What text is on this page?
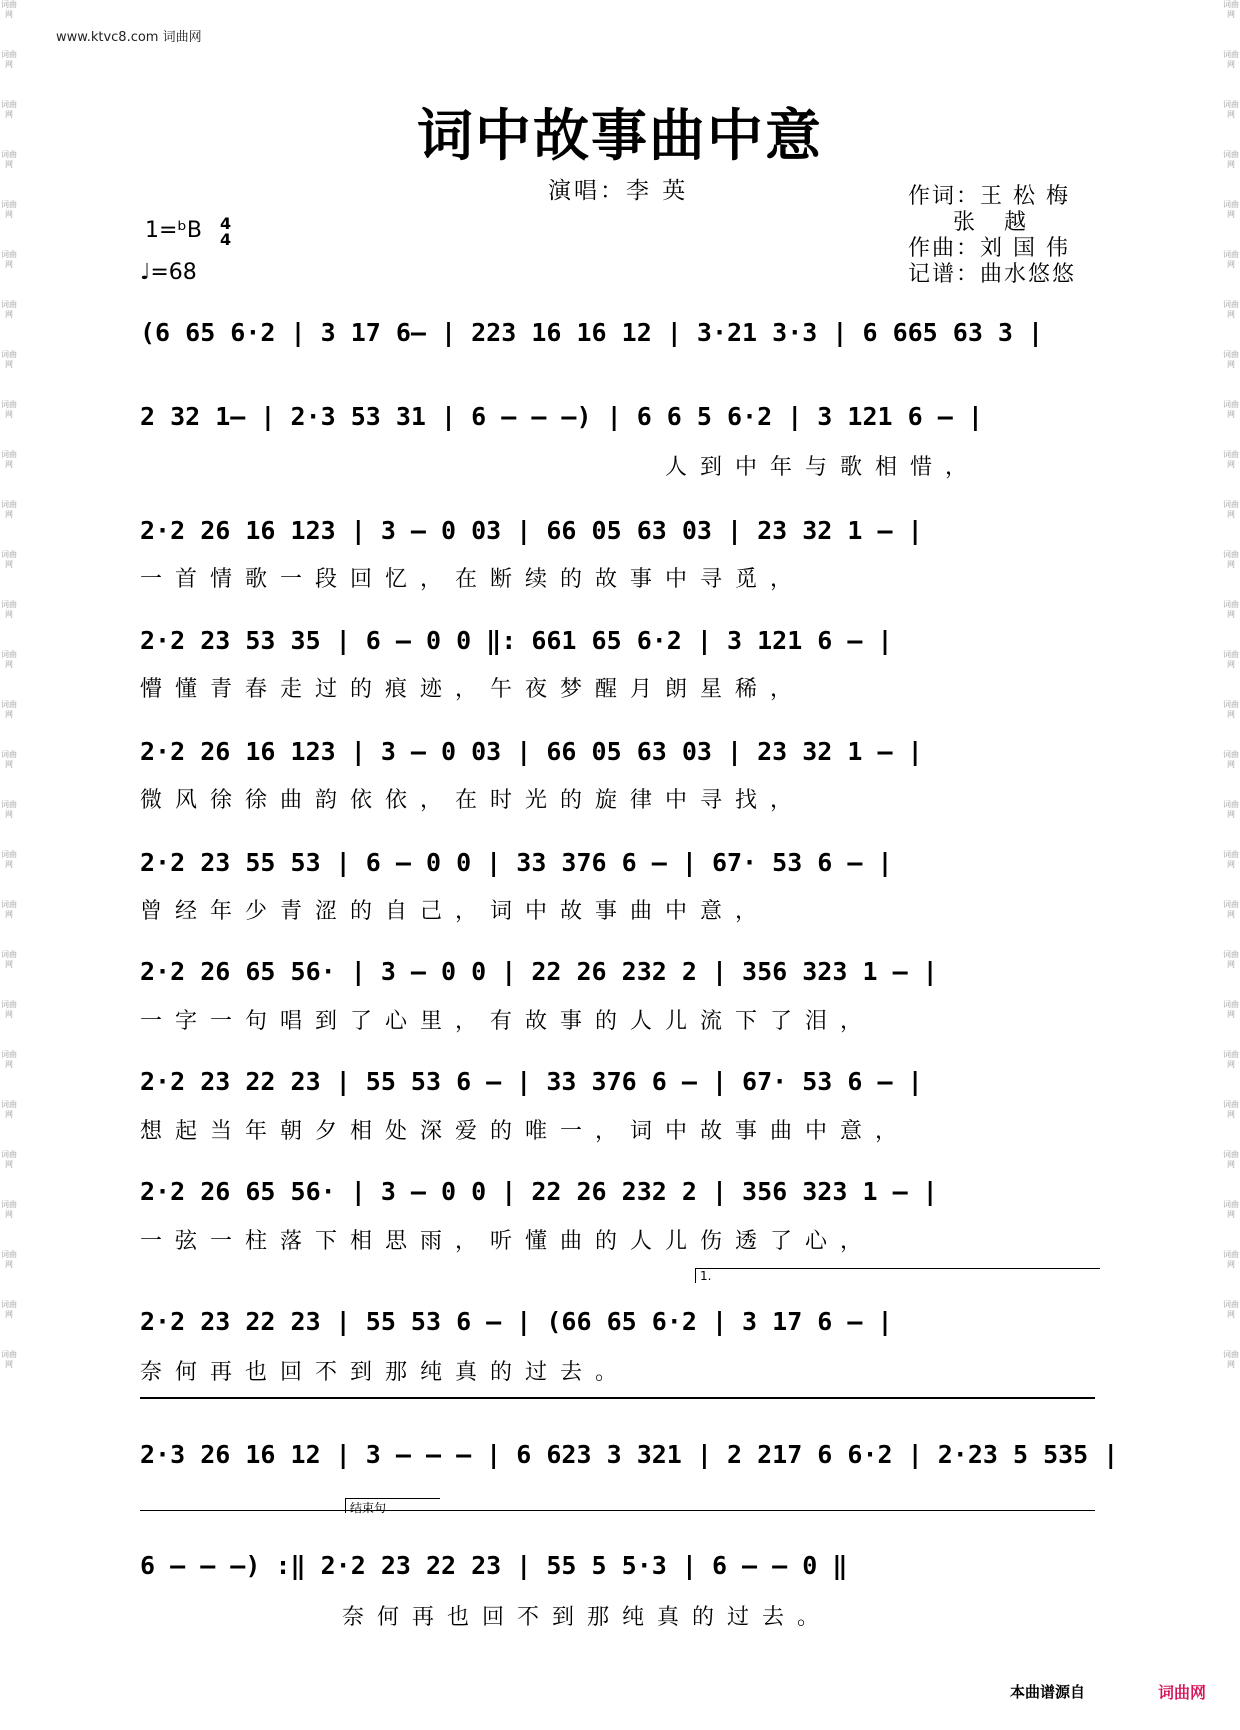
词曲网
词曲网
词曲网
词曲网
词曲网
词曲网
词曲网
词曲网
词曲网
词曲网
词曲网
词曲网
词曲网
词曲网
词曲网
词曲网
词曲网
词曲网
词曲网
词曲网
词曲网
词曲网
词曲网
词曲网
词曲网
词曲网
词曲网
词曲网
词曲网
词曲网
词曲网
词曲网
词曲网
词曲网
词曲网
词曲网
词曲网
词曲网
词曲网
词曲网
词曲网
词曲网
词曲网
词曲网
词曲网
词曲网
词曲网
词曲网
词曲网
词曲网
词曲网
词曲网
词曲网
词曲网
词曲网
词曲网
www.ktvc8.com 词曲网
词中故事曲中意
演唱：李 英	作词：王 松 梅
张   越
作曲：刘 国 伟
记谱：曲水悠悠
1=ᵇB 4
4
♩=68
(6 65 6·2 | 3 17 6– | 223 16 16 12 | 3·21 3·3 | 6 665 63 3 |
2 32 1– | 2·3 53 31 | 6 – – –) | 6 6 5 6·2 | 3 121 6 – |
人到中年与歌相惜，
2·2 26 16 123 | 3 – 0 03 | 66 05 63 03 | 23 32 1 – |
一首情歌一段回忆，在断续的故事中寻觅，
2·2 23 53 35 | 6 – 0 0 ‖: 661 65 6·2 | 3 121 6 – |
懵懂青春走过的痕迹，午夜梦醒月朗星稀，
2·2 26 16 123 | 3 – 0 03 | 66 05 63 03 | 23 32 1 – |
微风徐徐曲韵依依，在时光的旋律中寻找，
2·2 23 55 53 | 6 – 0 0 | 33 376 6 – | 67· 53 6 – |
曾经年少青涩的自己，词中故事曲中意，
2·2 26 65 56· | 3 – 0 0 | 22 26 232 2 | 356 323 1 – |
一字一句唱到了心里，有故事的人儿流下了泪，
2·2 23 22 23 | 55 53 6 – | 33 376 6 – | 67· 53 6 – |
想起当年朝夕相处深爱的唯一，词中故事曲中意，
2·2 26 65 56· | 3 – 0 0 | 22 26 232 2 | 356 323 1 – |
一弦一柱落下相思雨，听懂曲的人儿伤透了心，
1.
2·2 23 22 23 | 55 53 6 – | (66 65 6·2 | 3 17 6 – |
奈何再也回不到那纯真的过去。
2·3 26 16 12 | 3 – – – | 6 623 3 321 | 2 217 6 6·2 | 2·23 5 535 |
结束句
6 – – –) :‖ 2·2 23 22 23 | 55 5 5·3 | 6 – – 0 ‖
奈何再也回不到那纯真的过去。
本曲谱源自	词曲网
